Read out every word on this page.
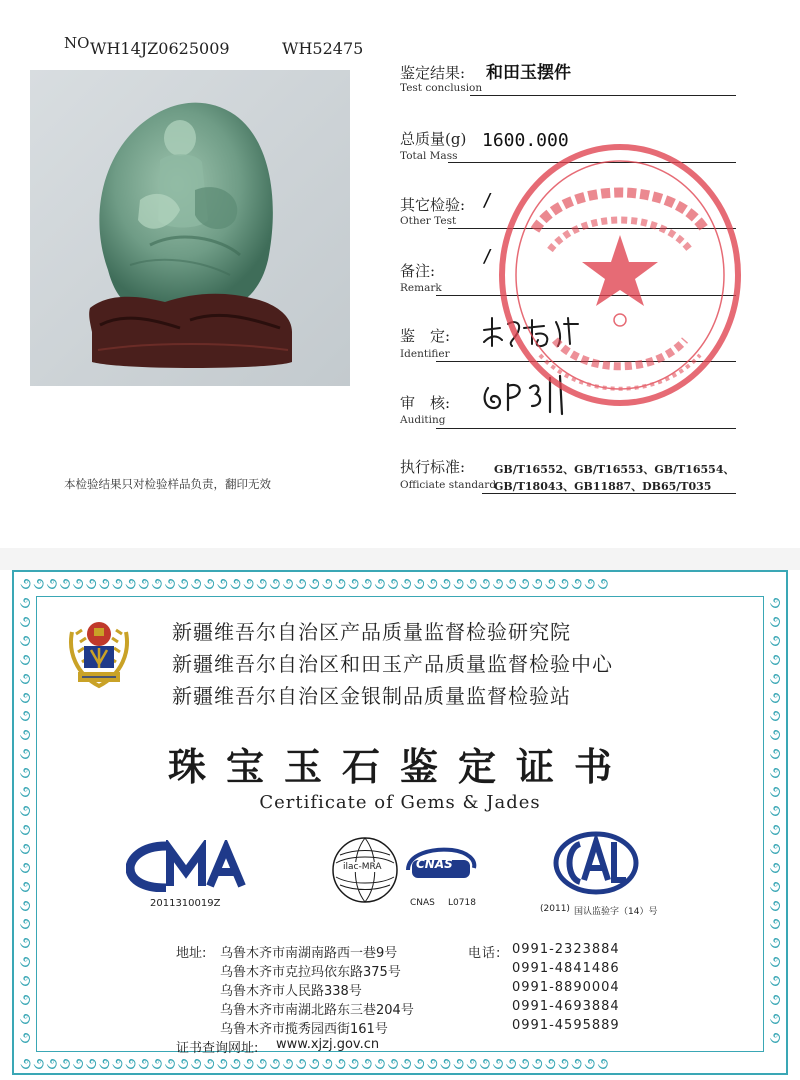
NO WH14JZ0625009	WH52475
本检验结果只对检验样品负责，翻印无效
鉴定结果: 和田玉摆件
Test conclusion
总质量(g) 1600.000
Total Mass
其它检验: /
Other Test
备注:
/
Remark
鉴　定:
Identifier
审　核:
Auditing
执行标准:	GB/T16552、GB/T16553、GB/T16554、
Officiate standard
GB/T18043、GB11887、DB65/T035
૭૭૭૭૭૭૭૭૭૭૭૭૭૭૭૭૭૭૭૭૭૭૭૭૭૭૭૭૭૭૭૭૭૭૭૭૭૭૭૭૭૭૭૭૭
૭૭૭૭૭૭૭૭૭૭૭૭૭૭૭૭૭૭૭૭૭૭૭૭૭૭૭૭૭૭૭૭૭૭૭૭૭૭૭૭૭૭૭૭૭
૭
૭
૭
૭
૭
૭
૭
૭
૭
૭
૭
૭
૭
૭
૭
૭
૭
૭
૭
૭
૭
૭
૭
૭
૭
૭
૭
૭
૭
૭
૭
૭
૭
૭
૭
૭
૭
૭
૭
૭
૭
૭
૭
૭
૭
૭
૭
૭
新疆维吾尔自治区产品质量监督检验研究院
新疆维吾尔自治区和田玉产品质量监督检验中心
新疆维吾尔自治区金银制品质量监督检验站
珠宝玉石鉴定证书
Certificate of Gems & Jades
2011310019Z
ilac-MRA	CNAS
CNAS L0718
(2011) 国认监验字（14）号
地址: 乌鲁木齐市南湖南路西一巷9号
乌鲁木齐市克拉玛依东路375号
乌鲁木齐市人民路338号
乌鲁木齐市南湖北路东三巷204号
乌鲁木齐市揽秀园西街161号
电话: 0991-2323884
0991-4841486
0991-8890004
0991-4693884
0991-4595889
证书查询网址: www.xjzj.gov.cn
